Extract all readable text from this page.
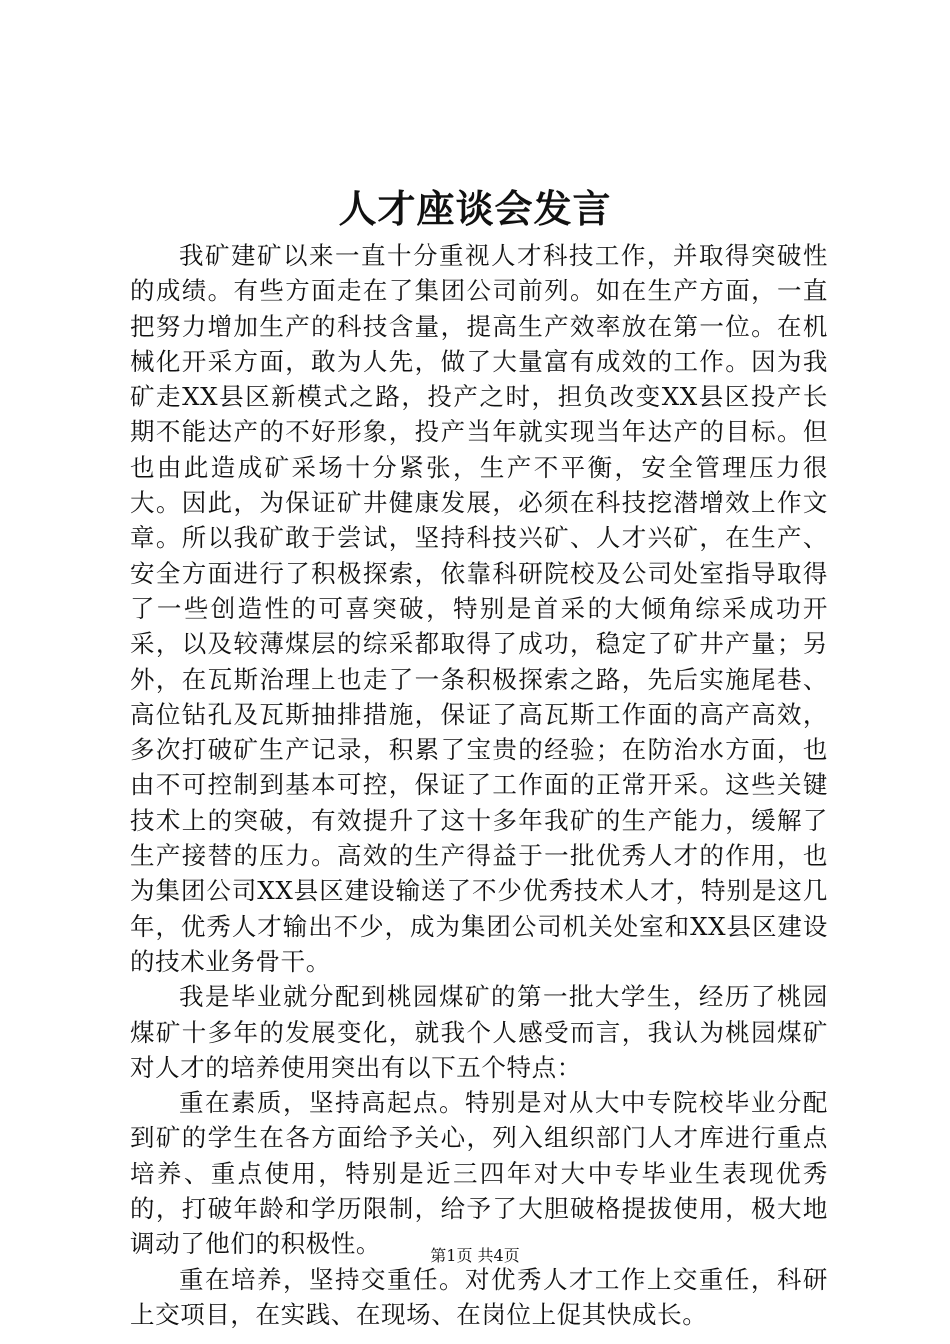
人才座谈会发言

我矿建矿以来一直十分重视人才科技工作，并取得突破性的成绩。有些方面走在了集团公司前列。如在生产方面，一直把努力增加生产的科技含量，提高生产效率放在第一位。在机械化开采方面，敢为人先，做了大量富有成效的工作。因为我矿走XX县区新模式之路，投产之时，担负改变XX县区投产长期不能达产的不好形象，投产当年就实现当年达产的目标。但也由此造成矿采场十分紧张，生产不平衡，安全管理压力很大。因此，为保证矿井健康发展，必须在科技挖潜增效上作文章。所以我矿敢于尝试，坚持科技兴矿、人才兴矿，在生产、安全方面进行了积极探索，依靠科研院校及公司处室指导取得了一些创造性的可喜突破，特别是首采的大倾角综采成功开采，以及较薄煤层的综采都取得了成功，稳定了矿井产量；另外，在瓦斯治理上也走了一条积极探索之路，先后实施尾巷、高位钻孔及瓦斯抽排措施，保证了高瓦斯工作面的高产高效，多次打破矿生产记录，积累了宝贵的经验；在防治水方面，也由不可控制到基本可控，保证了工作面的正常开采。这些关键技术上的突破，有效提升了这十多年我矿的生产能力，缓解了生产接替的压力。高效的生产得益于一批优秀人才的作用，也为集团公司XX县区建设输送了不少优秀技术人才，特别是这几年，优秀人才输出不少，成为集团公司机关处室和XX县区建设的技术业务骨干。

我是毕业就分配到桃园煤矿的第一批大学生，经历了桃园煤矿十多年的发展变化，就我个人感受而言，我认为桃园煤矿对人才的培养使用突出有以下五个特点：

重在素质，坚持高起点。特别是对从大中专院校毕业分配到矿的学生在各方面给予关心，列入组织部门人才库进行重点培养、重点使用，特别是近三四年对大中专毕业生表现优秀的，打破年龄和学历限制，给予了大胆破格提拔使用，极大地调动了他们的积极性。

重在培养，坚持交重任。对优秀人才工作上交重任，科研上交项目，在实践、在现场、在岗位上促其快成长。

第1页 共4页
